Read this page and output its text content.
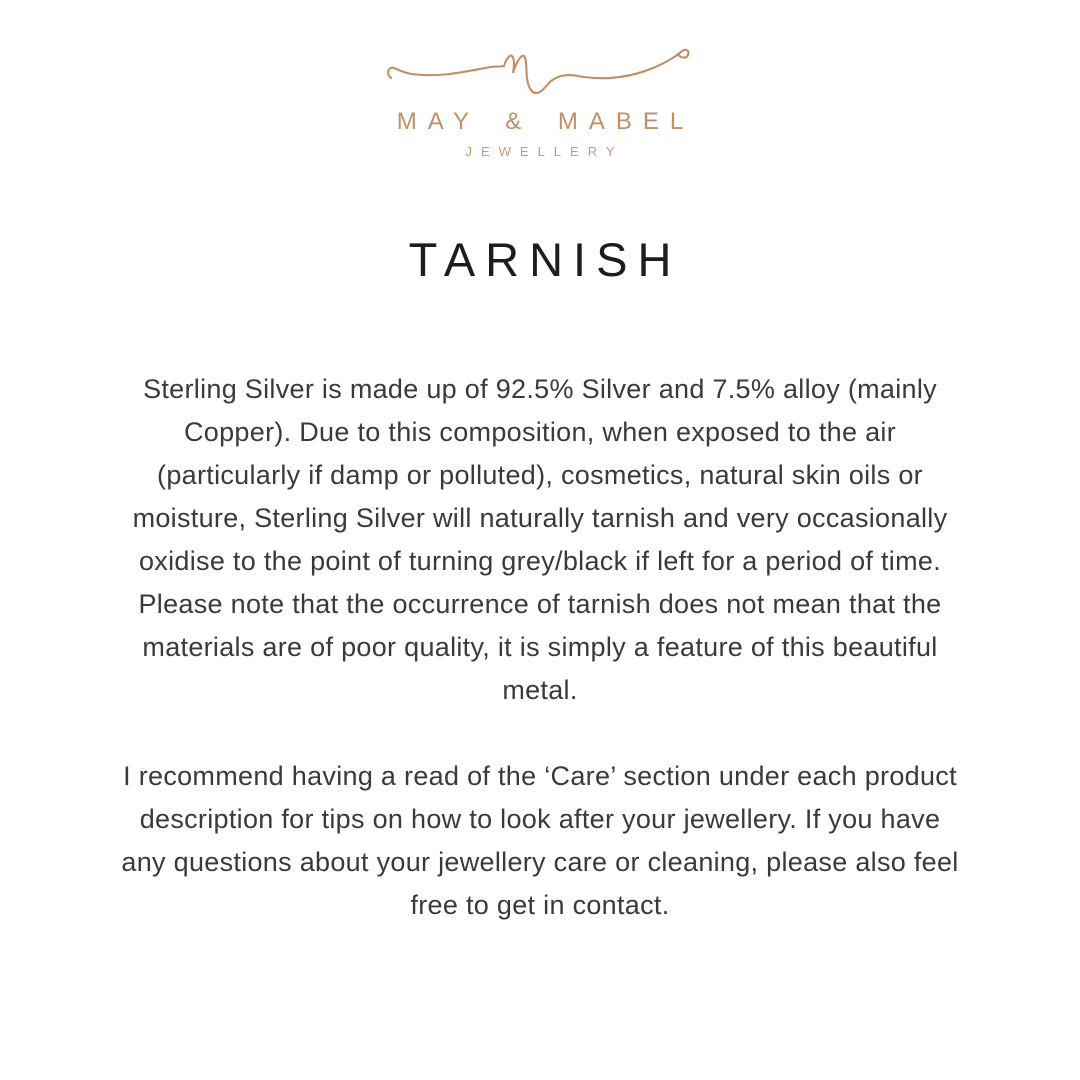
MAY & MABEL
JEWELLERY
TARNISH
Sterling Silver is made up of 92.5% Silver and 7.5% alloy (mainly
Copper). Due to this composition, when exposed to the air
(particularly if damp or polluted), cosmetics, natural skin oils or
moisture, Sterling Silver will naturally tarnish and very occasionally
oxidise to the point of turning grey/black if left for a period of time.
Please note that the occurrence of tarnish does not mean that the
materials are of poor quality, it is simply a feature of this beautiful
metal.
I recommend having a read of the ‘Care’ section under each product
description for tips on how to look after your jewellery. If you have
any questions about your jewellery care or cleaning, please also feel
free to get in contact.
